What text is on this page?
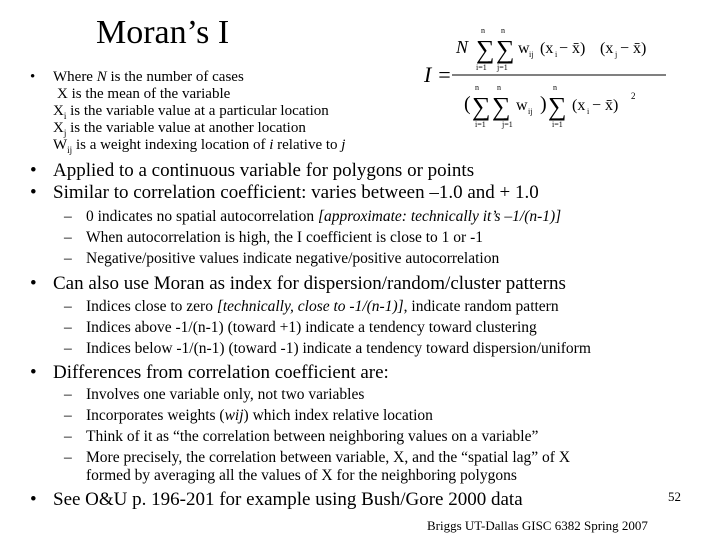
Moran’s I
• Where N is the number of cases
X is the mean of the variable
$X_i$ is the variable value at a particular location
$X_j$ is the variable value at another location
$W_{ij}$ is a weight indexing location of i relative to j
I =
N ∑ ∑
n n
i=1 j=1
w ij (x i − x̄) (x j − x̄)
( ∑ ∑
n n
i=1 j=1
w ij ) ∑
n
i=1
(x i − x̄)
2
• Applied to a continuous variable for polygons or points
• Similar to correlation coefficient: varies between –1.0 and + 1.0
– 0 indicates no spatial autocorrelation [approximate: technically it’s –1/(n-1)]
– When autocorrelation is high, the I coefficient is close to 1 or -1
– Negative/positive values indicate negative/positive autocorrelation
• Can also use Moran as index for dispersion/random/cluster patterns
– Indices close to zero [technically, close to -1/(n-1)], indicate random pattern
– Indices above -1/(n-1) (toward +1) indicate a tendency toward clustering
– Indices below -1/(n-1) (toward -1) indicate a tendency toward dispersion/uniform
• Differences from correlation coefficient are:
– Involves one variable only, not two variables
– Incorporates weights (wij) which index relative location
– Think of it as “the correlation between neighboring values on a variable”
– More precisely, the correlation between variable, X, and the “spatial lag” of X
formed by averaging all the values of X for the neighboring polygons
• See O&U p. 196-201 for example using Bush/Gore 2000 data	52
Briggs UT-Dallas GISC 6382 Spring 2007
